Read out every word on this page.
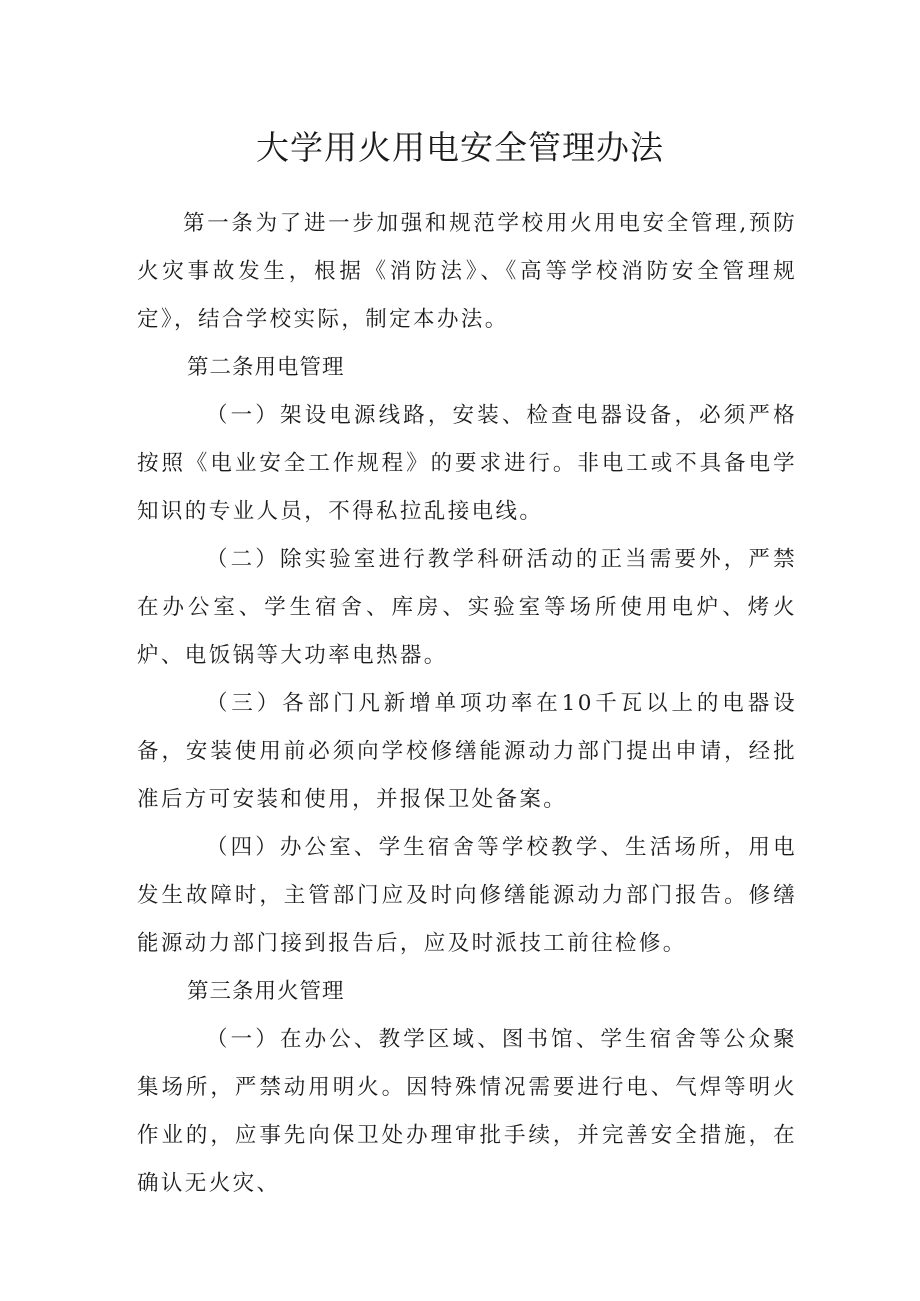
大学用火用电安全管理办法

第一条为了进一步加强和规范学校用火用电安全管理,预防火灾事故发生，根据《消防法》、《高等学校消防安全管理规定》，结合学校实际，制定本办法。

第二条用电管理

（一）架设电源线路，安装、检查电器设备，必须严格按照《电业安全工作规程》的要求进行。非电工或不具备电学知识的专业人员，不得私拉乱接电线。

（二）除实验室进行教学科研活动的正当需要外，严禁在办公室、学生宿舍、库房、实验室等场所使用电炉、烤火炉、电饭锅等大功率电热器。

（三）各部门凡新增单项功率在10千瓦以上的电器设备，安装使用前必须向学校修缮能源动力部门提出申请，经批准后方可安装和使用，并报保卫处备案。

（四）办公室、学生宿舍等学校教学、生活场所，用电发生故障时，主管部门应及时向修缮能源动力部门报告。修缮能源动力部门接到报告后，应及时派技工前往检修。

第三条用火管理

（一）在办公、教学区域、图书馆、学生宿舍等公众聚集场所，严禁动用明火。因特殊情况需要进行电、气焊等明火作业的，应事先向保卫处办理审批手续，并完善安全措施，在确认无火灾、
